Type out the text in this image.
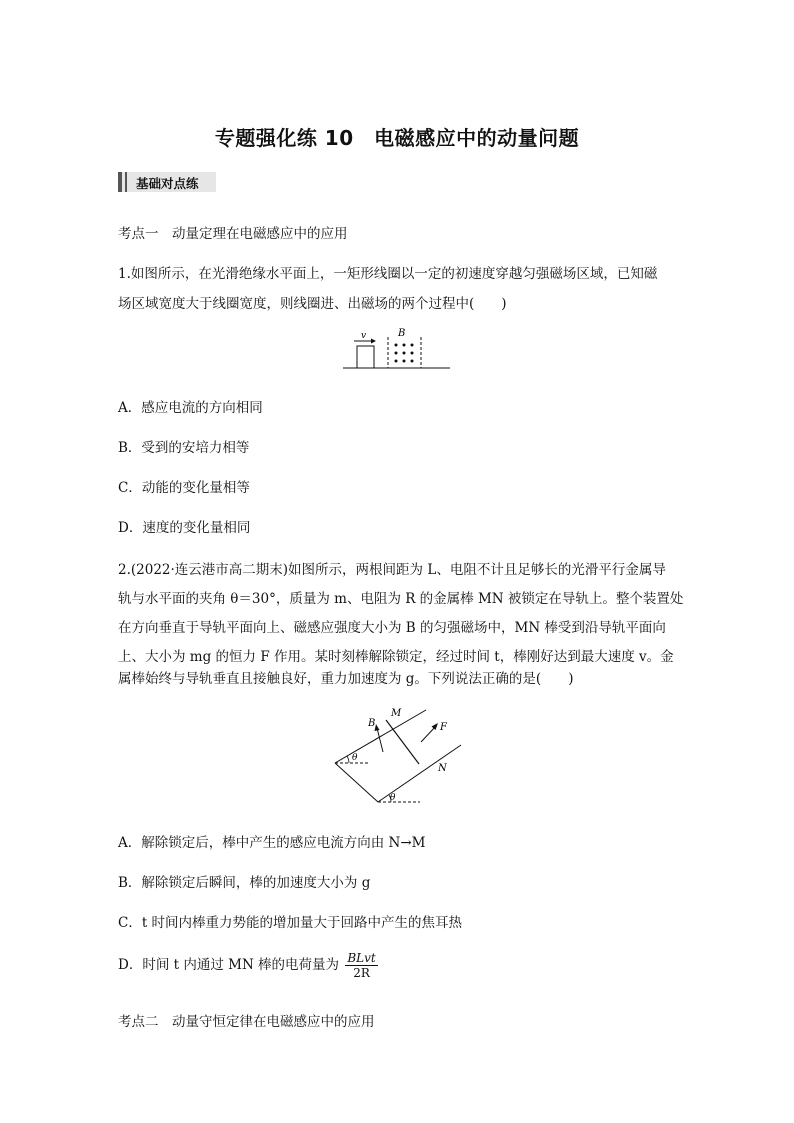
专题强化练 10　电磁感应中的动量问题
基础对点练
考点一　动量定理在电磁感应中的应用
1.如图所示，在光滑绝缘水平面上，一矩形线圈以一定的初速度穿越匀强磁场区域，已知磁
场区域宽度大于线圈宽度，则线圈进、出磁场的两个过程中(　　)
v	B
A．感应电流的方向相同
B．受到的安培力相等
C．动能的变化量相等
D．速度的变化量相同
2.(2022·连云港市高二期末)如图所示，两根间距为 L、电阻不计且足够长的光滑平行金属导
轨与水平面的夹角 θ＝30°，质量为 m、电阻为 R 的金属棒 MN 被锁定在导轨上。整个装置处
在方向垂直于导轨平面向上、磁感应强度大小为 B 的匀强磁场中，MN 棒受到沿导轨平面向
上、大小为 mg 的恒力 F 作用。某时刻棒解除锁定，经过时间 t，棒刚好达到最大速度 v。金
属棒始终与导轨垂直且接触良好，重力加速度为 g。下列说法正确的是(　　)
B
M
F
N
θ
θ
A．解除锁定后，棒中产生的感应电流方向由 N→M
B．解除锁定后瞬间，棒的加速度大小为 g
C．t 时间内棒重力势能的增加量大于回路中产生的焦耳热
D．时间 t 内通过 MN 棒的电荷量为 $\frac{\text{BLvt}}{2R}$
考点二　动量守恒定律在电磁感应中的应用
